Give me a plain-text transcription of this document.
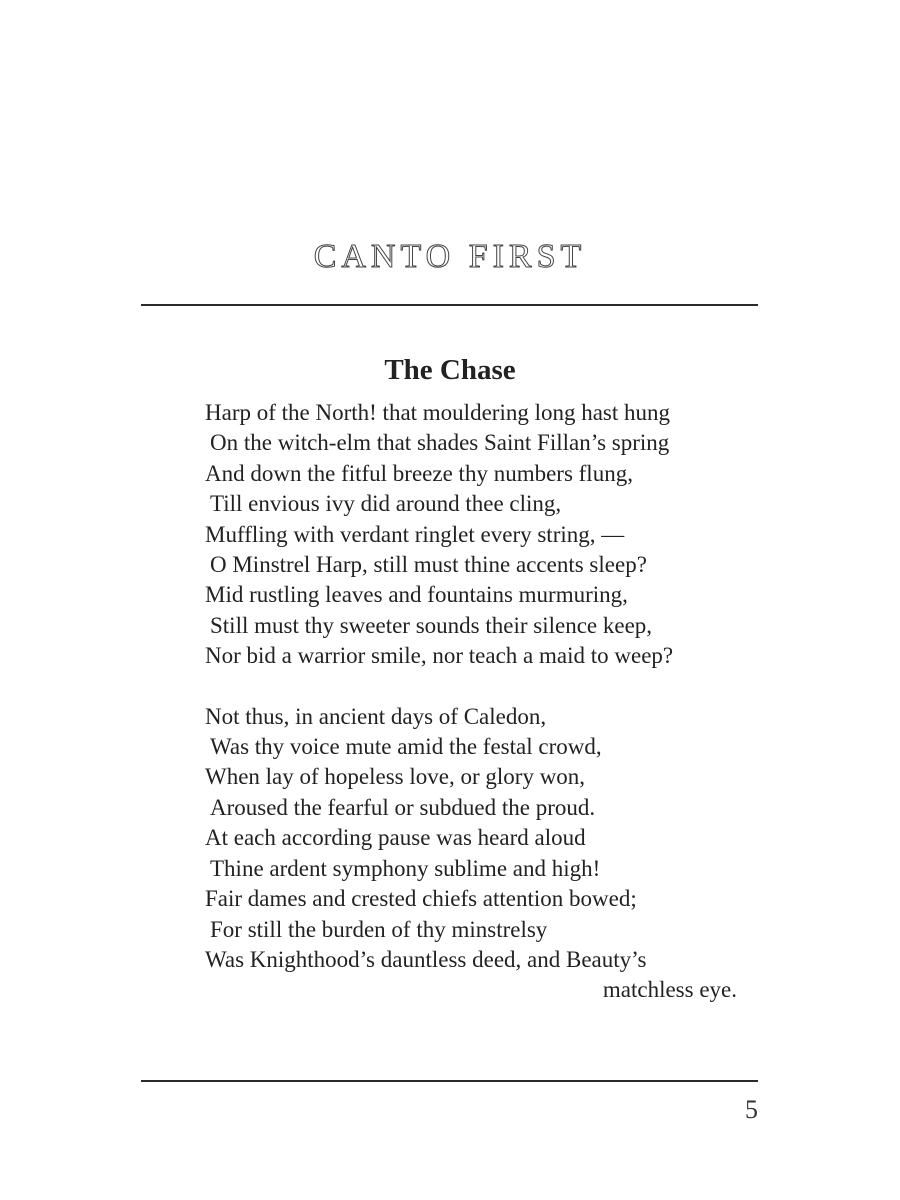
CANTO FIRST
The Chase
Harp of the North! that mouldering long hast hung
On the witch-elm that shades Saint Fillan’s spring
And down the fitful breeze thy numbers flung,
Till envious ivy did around thee cling,
Muffling with verdant ringlet every string, —
O Minstrel Harp, still must thine accents sleep?
Mid rustling leaves and fountains murmuring,
Still must thy sweeter sounds their silence keep,
Nor bid a warrior smile, nor teach a maid to weep?
Not thus, in ancient days of Caledon,
Was thy voice mute amid the festal crowd,
When lay of hopeless love, or glory won,
Aroused the fearful or subdued the proud.
At each according pause was heard aloud
Thine ardent symphony sublime and high!
Fair dames and crested chiefs attention bowed;
For still the burden of thy minstrelsy
Was Knighthood’s dauntless deed, and Beauty’s
matchless eye.
5
